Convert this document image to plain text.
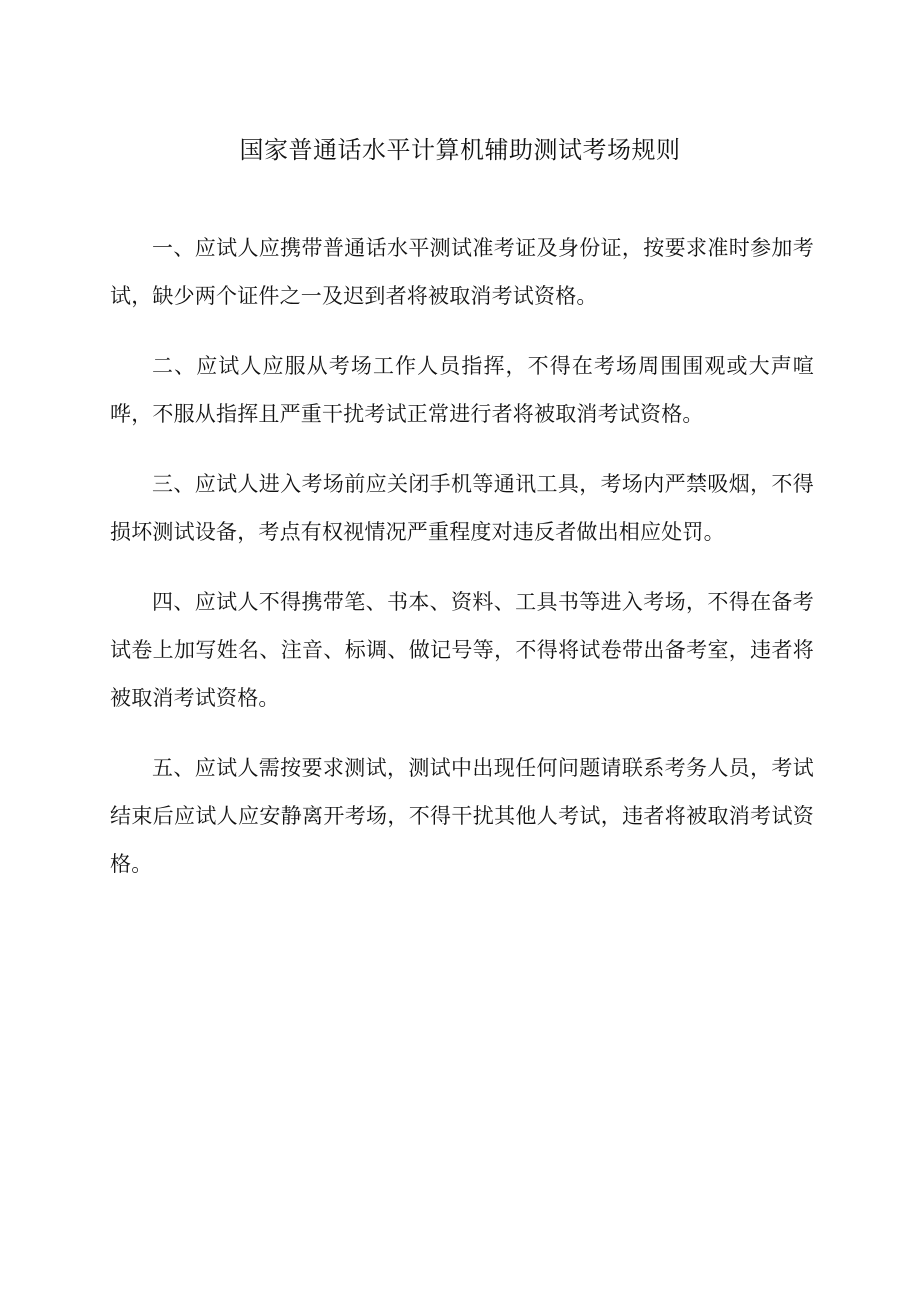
国家普通话水平计算机辅助测试考场规则

一、应试人应携带普通话水平测试准考证及身份证，按要求准时参加考试，缺少两个证件之一及迟到者将被取消考试资格。

二、应试人应服从考场工作人员指挥，不得在考场周围围观或大声喧哗，不服从指挥且严重干扰考试正常进行者将被取消考试资格。

三、应试人进入考场前应关闭手机等通讯工具，考场内严禁吸烟，不得损坏测试设备，考点有权视情况严重程度对违反者做出相应处罚。

四、应试人不得携带笔、书本、资料、工具书等进入考场，不得在备考试卷上加写姓名、注音、标调、做记号等，不得将试卷带出备考室，违者将被取消考试资格。

五、应试人需按要求测试，测试中出现任何问题请联系考务人员，考试结束后应试人应安静离开考场，不得干扰其他人考试，违者将被取消考试资格。
